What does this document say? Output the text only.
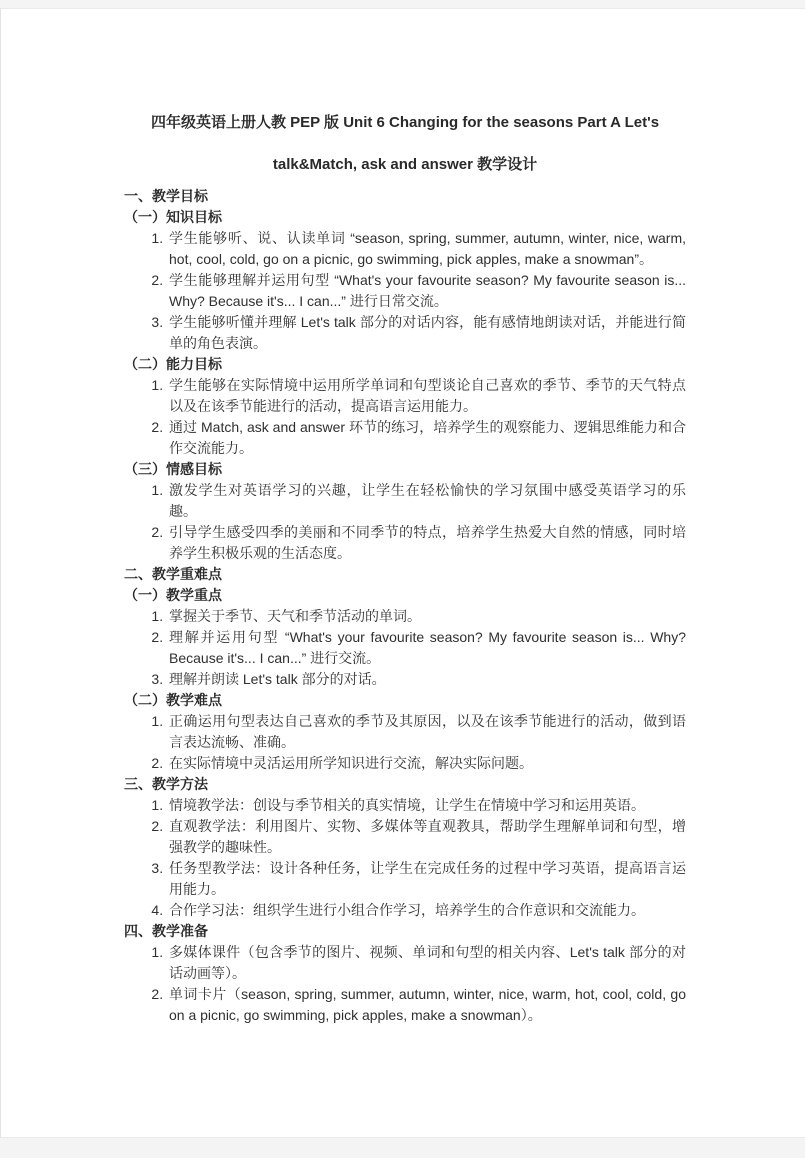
四年级英语上册人教 PEP 版 Unit 6 Changing for the seasons Part A Let's
talk&Match, ask and answer 教学设计
一、教学目标
（一）知识目标
1. 学生能够听、说、认读单词 “season, spring, summer, autumn, winter, nice, warm, hot, cool, cold, go on a picnic, go swimming, pick apples, make a snowman”。
2. 学生能够理解并运用句型 “What's your favourite season? My favourite season is... Why? Because it's... I can...” 进行日常交流。
3. 学生能够听懂并理解 Let's talk 部分的对话内容，能有感情地朗读对话，并能进行简单的角色表演。
（二）能力目标
1. 学生能够在实际情境中运用所学单词和句型谈论自己喜欢的季节、季节的天气特点以及在该季节能进行的活动，提高语言运用能力。
2. 通过 Match, ask and answer 环节的练习，培养学生的观察能力、逻辑思维能力和合作交流能力。
（三）情感目标
1. 激发学生对英语学习的兴趣，让学生在轻松愉快的学习氛围中感受英语学习的乐趣。
2. 引导学生感受四季的美丽和不同季节的特点，培养学生热爱大自然的情感，同时培养学生积极乐观的生活态度。
二、教学重难点
（一）教学重点
1. 掌握关于季节、天气和季节活动的单词。
2. 理解并运用句型 “What's your favourite season? My favourite season is... Why? Because it's... I can...” 进行交流。
3. 理解并朗读 Let's talk 部分的对话。
（二）教学难点
1. 正确运用句型表达自己喜欢的季节及其原因，以及在该季节能进行的活动，做到语言表达流畅、准确。
2. 在实际情境中灵活运用所学知识进行交流，解决实际问题。
三、教学方法
1. 情境教学法：创设与季节相关的真实情境，让学生在情境中学习和运用英语。
2. 直观教学法：利用图片、实物、多媒体等直观教具，帮助学生理解单词和句型，增强教学的趣味性。
3. 任务型教学法：设计各种任务，让学生在完成任务的过程中学习英语，提高语言运用能力。
4. 合作学习法：组织学生进行小组合作学习，培养学生的合作意识和交流能力。
四、教学准备
1. 多媒体课件（包含季节的图片、视频、单词和句型的相关内容、Let's talk 部分的对话动画等）。
2. 单词卡片（season, spring, summer, autumn, winter, nice, warm, hot, cool, cold, go on a picnic, go swimming, pick apples, make a snowman）。
